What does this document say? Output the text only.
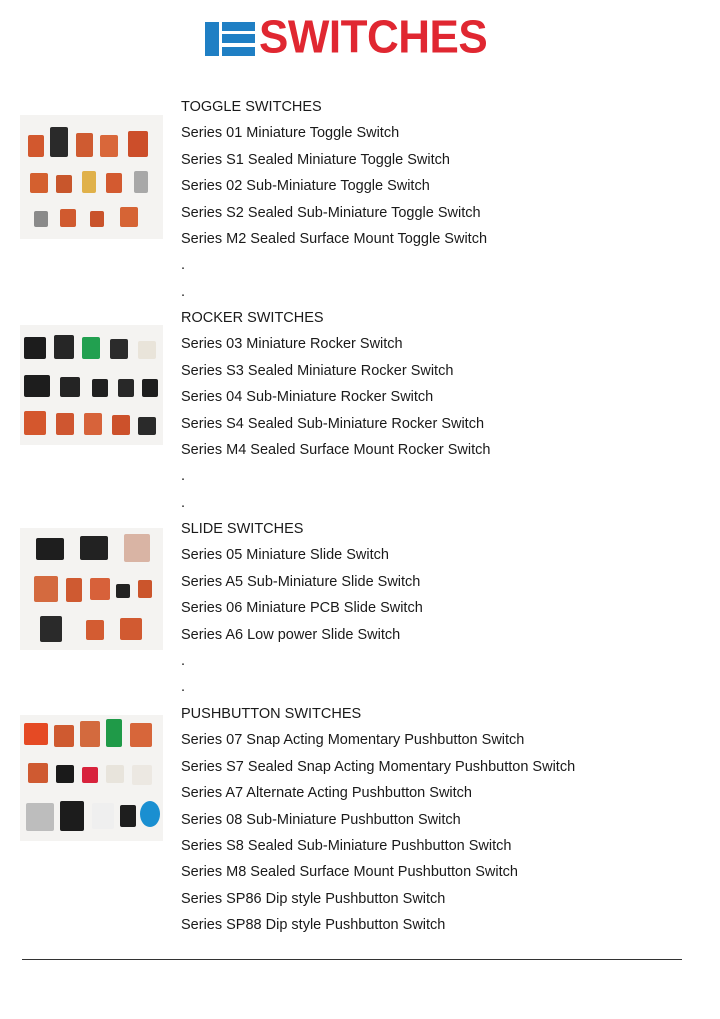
SWITCHES
TOGGLE SWITCHES
Series 01 Miniature Toggle Switch
Series S1 Sealed Miniature Toggle Switch
Series 02 Sub-Miniature Toggle Switch
Series S2 Sealed Sub-Miniature Toggle Switch
Series M2 Sealed Surface Mount Toggle Switch
.
.
ROCKER SWITCHES
Series 03 Miniature Rocker Switch
Series S3 Sealed Miniature Rocker Switch
Series 04 Sub-Miniature Rocker Switch
Series S4 Sealed Sub-Miniature Rocker Switch
Series M4 Sealed Surface Mount Rocker Switch
.
.
SLIDE SWITCHES
Series 05 Miniature Slide Switch
Series A5 Sub-Miniature Slide Switch
Series 06 Miniature PCB Slide Switch
Series A6 Low power Slide Switch
.
.
PUSHBUTTON SWITCHES
Series 07 Snap Acting Momentary Pushbutton Switch
Series S7 Sealed Snap Acting Momentary Pushbutton Switch
Series A7 Alternate Acting Pushbutton Switch
Series 08 Sub-Miniature Pushbutton Switch
Series S8 Sealed Sub-Miniature Pushbutton Switch
Series M8 Sealed Surface Mount Pushbutton Switch
Series SP86 Dip style Pushbutton Switch
Series SP88 Dip style Pushbutton Switch
